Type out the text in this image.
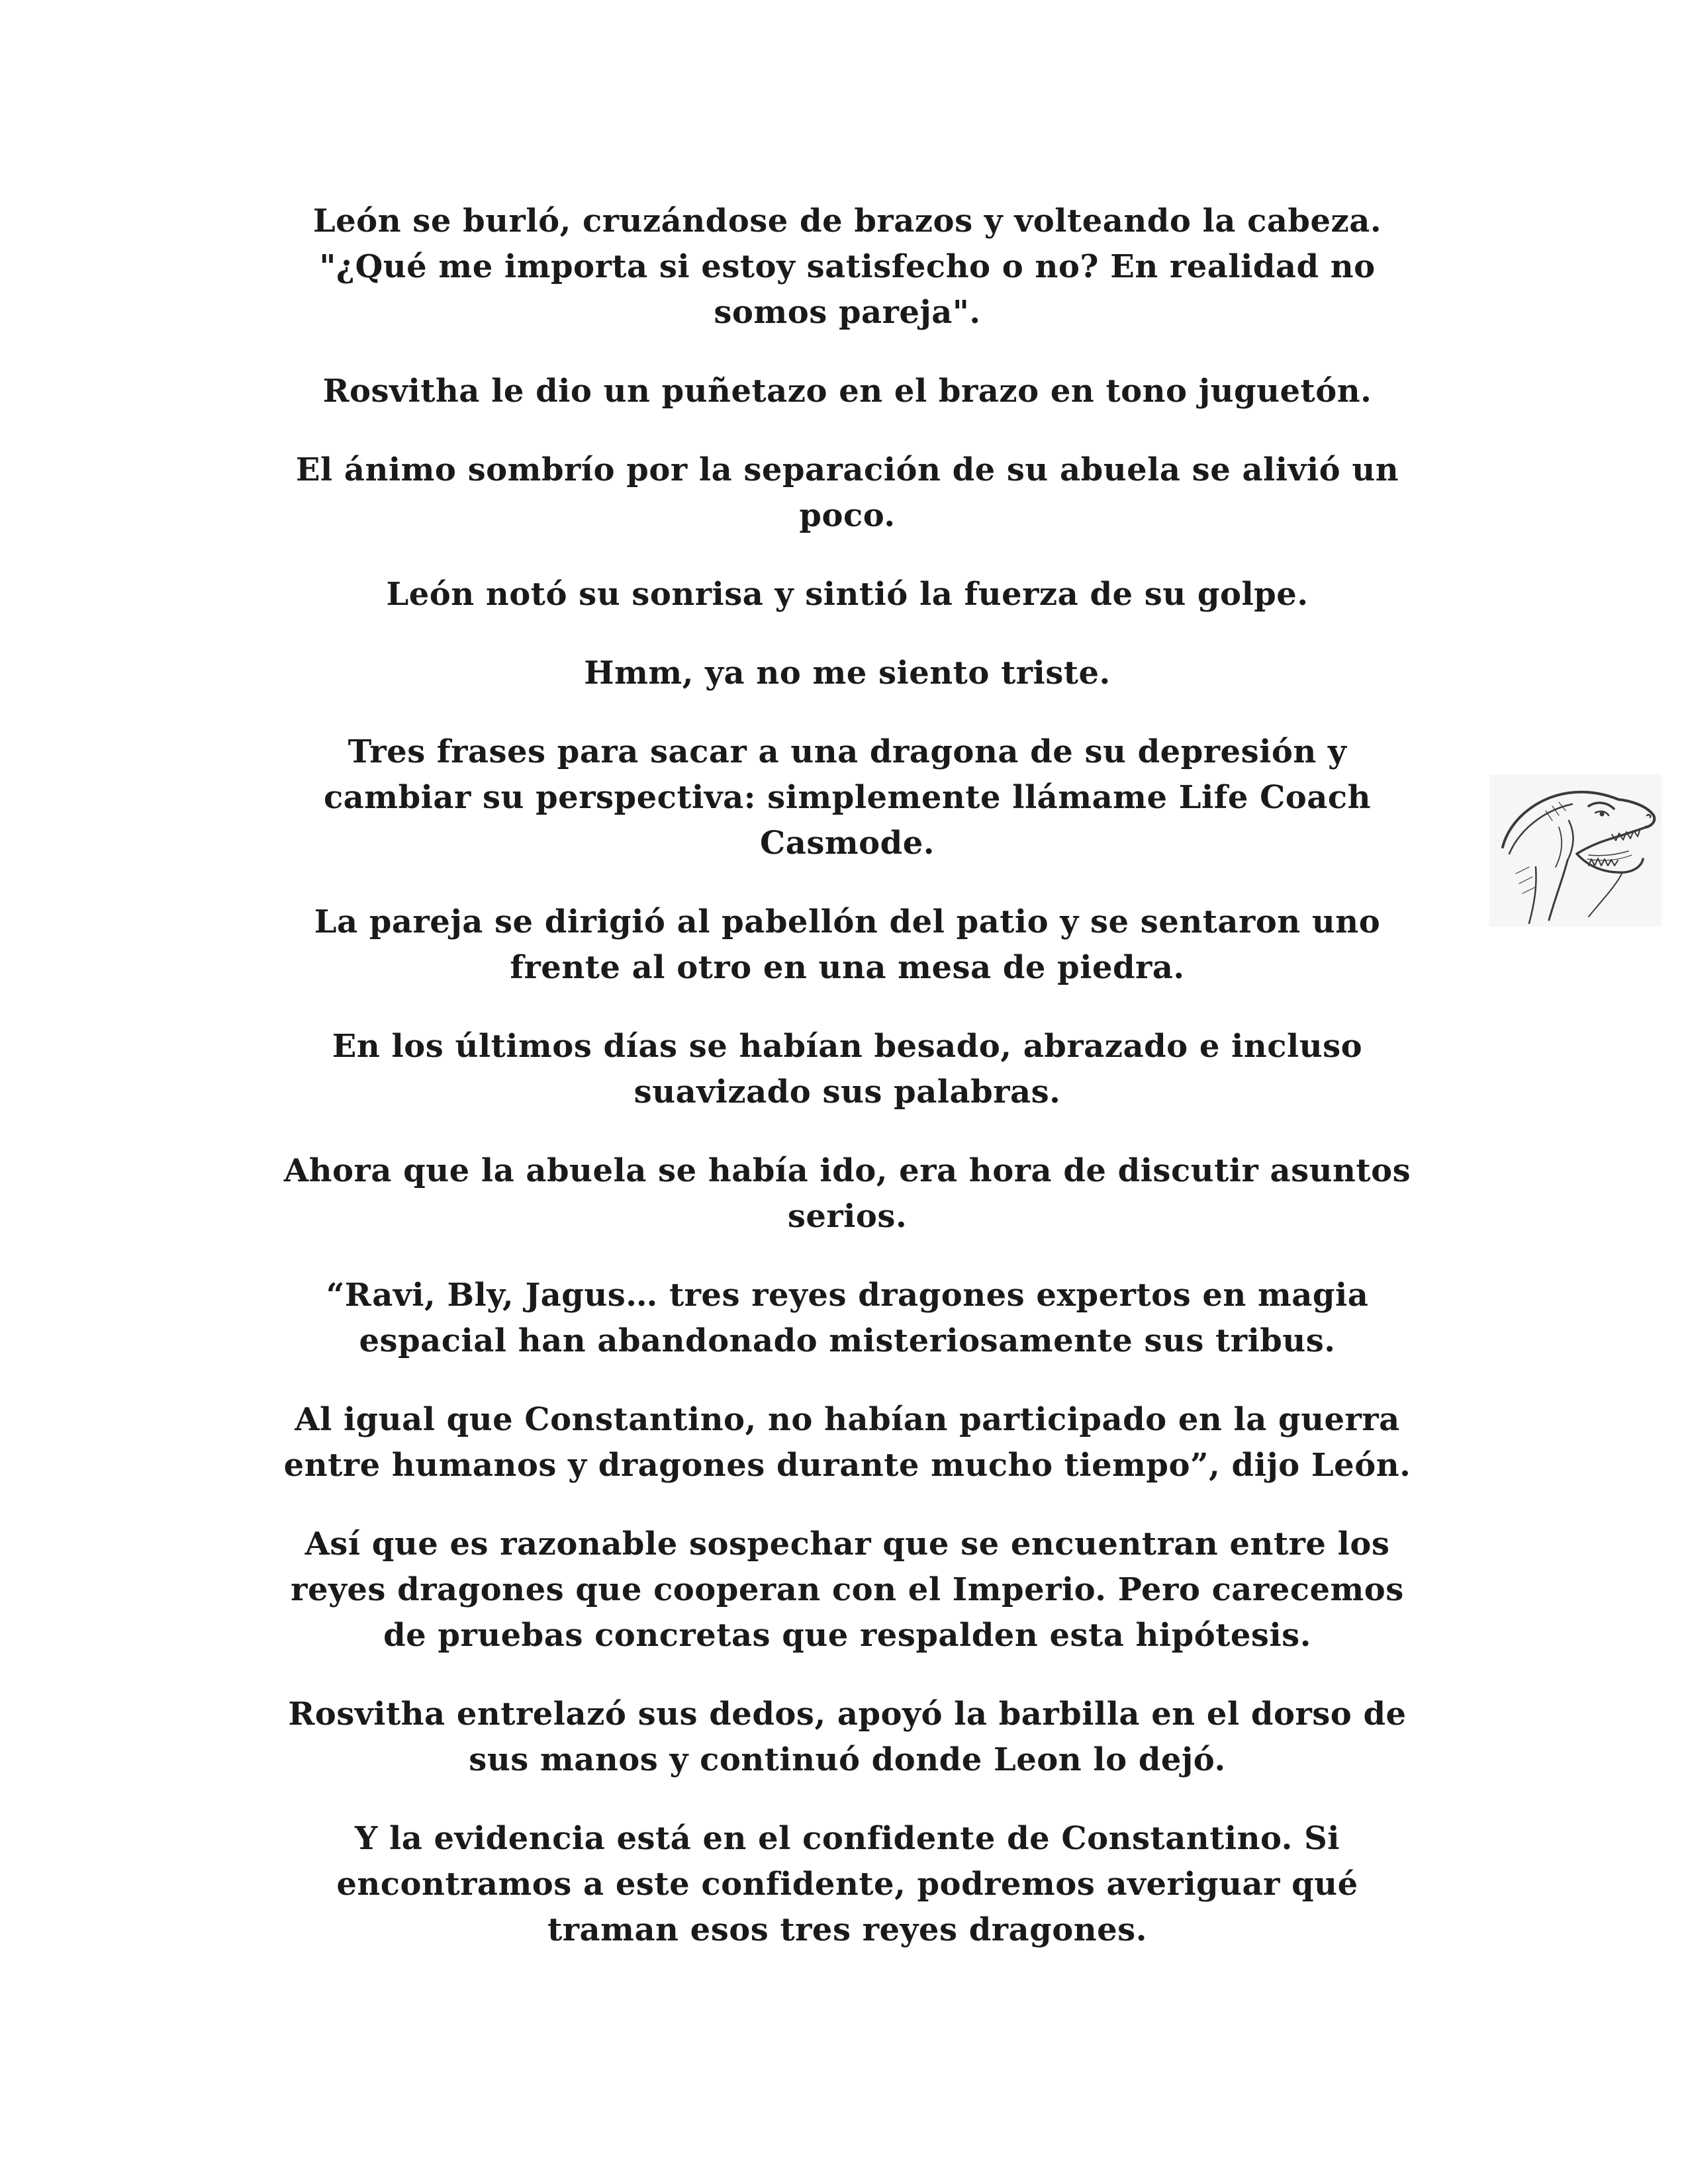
León se burló, cruzándose de brazos y volteando la cabeza.
"¿Qué me importa si estoy satisfecho o no? En realidad no
somos pareja".

Rosvitha le dio un puñetazo en el brazo en tono juguetón.

El ánimo sombrío por la separación de su abuela se alivió un
poco.

León notó su sonrisa y sintió la fuerza de su golpe.

Hmm, ya no me siento triste.

Tres frases para sacar a una dragona de su depresión y
cambiar su perspectiva: simplemente llámame Life Coach
Casmode.

La pareja se dirigió al pabellón del patio y se sentaron uno
frente al otro en una mesa de piedra.

En los últimos días se habían besado, abrazado e incluso
suavizado sus palabras.

Ahora que la abuela se había ido, era hora de discutir asuntos
serios.

“Ravi, Bly, Jagus… tres reyes dragones expertos en magia
espacial han abandonado misteriosamente sus tribus.

Al igual que Constantino, no habían participado en la guerra
entre humanos y dragones durante mucho tiempo”, dijo León.

Así que es razonable sospechar que se encuentran entre los
reyes dragones que cooperan con el Imperio. Pero carecemos
de pruebas concretas que respalden esta hipótesis.

Rosvitha entrelazó sus dedos, apoyó la barbilla en el dorso de
sus manos y continuó donde Leon lo dejó.

Y la evidencia está en el confidente de Constantino. Si
encontramos a este confidente, podremos averiguar qué
traman esos tres reyes dragones.
